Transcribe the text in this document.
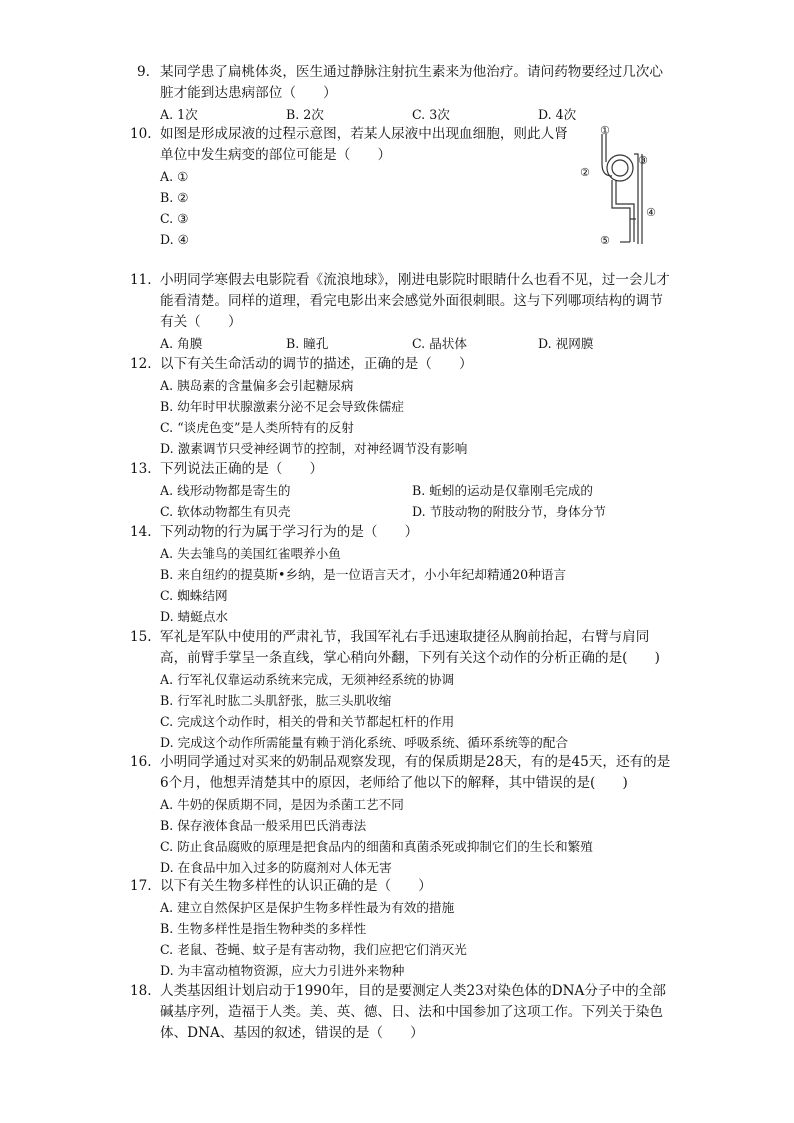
9. 某同学患了扁桃体炎，医生通过静脉注射抗生素来为他治疗。请问药物要经过几次心脏才能到达患病部位（　　）
A. 1次	B. 2次	C. 3次	D. 4次
10. 如图是形成尿液的过程示意图，若某人尿液中出现血细胞，则此人肾单位中发生病变的部位可能是（　　）
A. ①
B. ②
C. ③
D. ④
①
②
③
④
⑤
11. 小明同学寒假去电影院看《流浪地球》，刚进电影院时眼睛什么也看不见，过一会儿才能看清楚。同样的道理，看完电影出来会感觉外面很刺眼。这与下列哪项结构的调节有关（　　）
A. 角膜	B. 瞳孔	C. 晶状体	D. 视网膜
12. 以下有关生命活动的调节的描述，正确的是（　　）
A. 胰岛素的含量偏多会引起糖尿病
B. 幼年时甲状腺激素分泌不足会导致侏儒症
C. “谈虎色变”是人类所特有的反射
D. 激素调节只受神经调节的控制，对神经调节没有影响
13. 下列说法正确的是（　　）
A. 线形动物都是寄生的	B. 蚯蚓的运动是仅靠刚毛完成的
C. 软体动物都生有贝壳	D. 节肢动物的附肢分节，身体分节
14. 下列动物的行为属于学习行为的是（　　）
A. 失去雏鸟的美国红雀喂养小鱼
B. 来自纽约的提莫斯•乡纳，是一位语言天才，小小年纪却精通20种语言
C. 蜘蛛结网
D. 蜻蜓点水
15. 军礼是军队中使用的严肃礼节，我国军礼右手迅速取捷径从胸前抬起，右臂与肩同高，前臂手掌呈一条直线，掌心稍向外翻，下列有关这个动作的分析正确的是(　　)
A. 行军礼仅靠运动系统来完成，无须神经系统的协调
B. 行军礼时肱二头肌舒张，肱三头肌收缩
C. 完成这个动作时，相关的骨和关节都起杠杆的作用
D. 完成这个动作所需能量有赖于消化系统、呼吸系统、循环系统等的配合
16. 小明同学通过对买来的奶制品观察发现，有的保质期是28天，有的是45天，还有的是6个月，他想弄清楚其中的原因，老师给了他以下的解释，其中错误的是(　　)
A. 牛奶的保质期不同，是因为杀菌工艺不同
B. 保存液体食品一般采用巴氏消毒法
C. 防止食品腐败的原理是把食品内的细菌和真菌杀死或抑制它们的生长和繁殖
D. 在食品中加入过多的防腐剂对人体无害
17. 以下有关生物多样性的认识正确的是（　　）
A. 建立自然保护区是保护生物多样性最为有效的措施
B. 生物多样性是指生物种类的多样性
C. 老鼠、苍蝇、蚊子是有害动物，我们应把它们消灭光
D. 为丰富动植物资源，应大力引进外来物种
18. 人类基因组计划启动于1990年，目的是要测定人类23对染色体的DNA分子中的全部碱基序列，造福于人类。美、英、德、日、法和中国参加了这项工作。下列关于染色体、DNA、基因的叙述，错误的是（　　）
